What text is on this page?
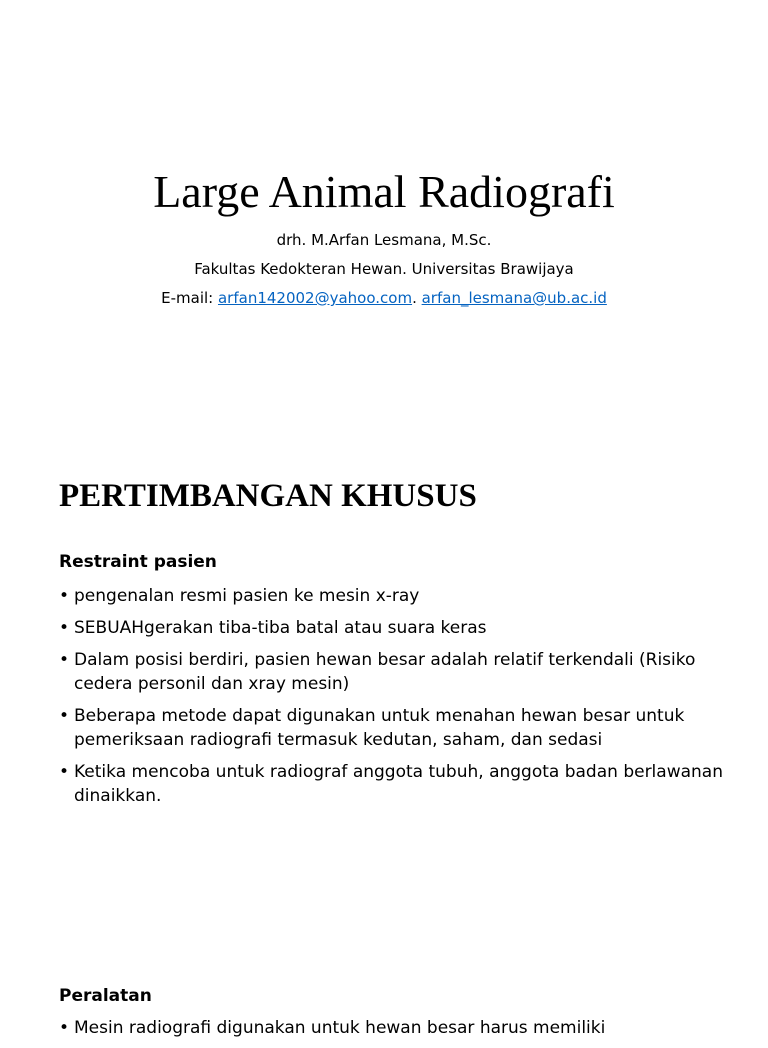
Large Animal Radiografi
drh. M.Arfan Lesmana, M.Sc.
Fakultas Kedokteran Hewan. Universitas Brawijaya
E-mail: arfan142002@yahoo.com. arfan_lesmana@ub.ac.id
PERTIMBANGAN KHUSUS
Restraint pasien
• pengenalan resmi pasien ke mesin x-ray
• SEBUAHgerakan tiba-tiba batal atau suara keras
• Dalam posisi berdiri, pasien hewan besar adalah relatif terkendali (Risiko cedera personil dan xray mesin)
• Beberapa metode dapat digunakan untuk menahan hewan besar untuk pemeriksaan radiografi termasuk kedutan, saham, dan sedasi
• Ketika mencoba untuk radiograf anggota tubuh, anggota badan berlawanan dinaikkan.
Peralatan
• Mesin radiografi digunakan untuk hewan besar harus memiliki
